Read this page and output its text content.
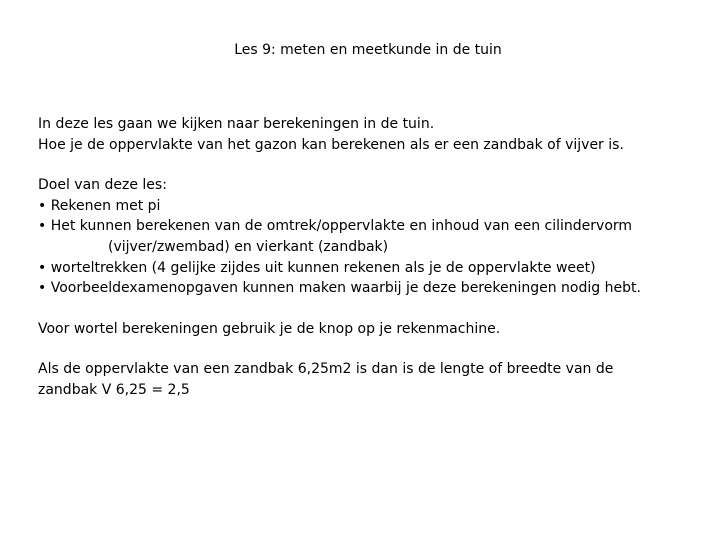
Les 9: meten en meetkunde in de tuin
In deze les gaan we kijken naar berekeningen in de tuin.
Hoe je de oppervlakte van het gazon kan berekenen als er een zandbak of vijver is.
Doel van deze les:
• Rekenen met pi
• Het kunnen berekenen van de omtrek/oppervlakte en inhoud van een cilindervorm
(vijver/zwembad) en vierkant (zandbak)
• worteltrekken (4 gelijke zijdes uit kunnen rekenen als je de oppervlakte weet)
• Voorbeeldexamenopgaven kunnen maken waarbij je deze berekeningen nodig hebt.
Voor wortel berekeningen gebruik je de knop op je rekenmachine.
Als de oppervlakte van een zandbak 6,25m2 is dan is de lengte of breedte van de
zandbak V 6,25 = 2,5
